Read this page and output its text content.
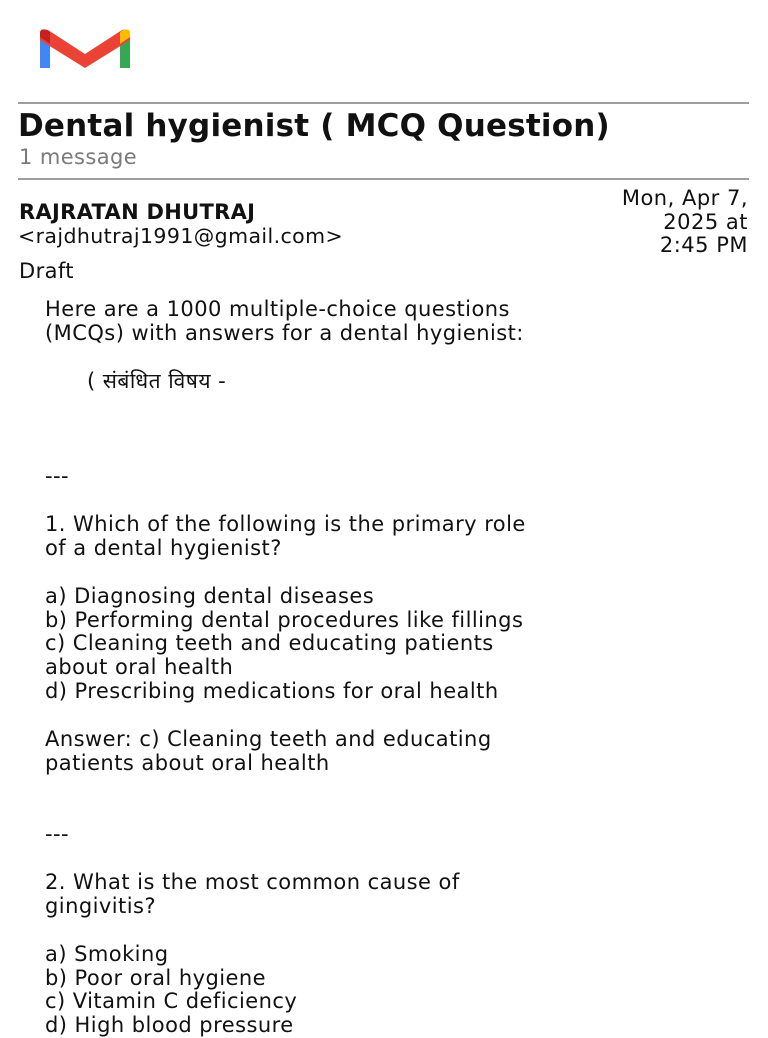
Dental hygienist ( MCQ Question)
1 message
RAJRATAN DHUTRAJ
<rajdhutraj1991@gmail.com>
Mon, Apr 7,
2025 at
2:45 PM
Draft

Here are a 1000 multiple-choice questions
(MCQs) with answers for a dental hygienist:

( संबंधित विषय -

---

1. Which of the following is the primary role
of a dental hygienist?

a) Diagnosing dental diseases

b) Performing dental procedures like fillings

c) Cleaning teeth and educating patients
about oral health

d) Prescribing medications for oral health

Answer: c) Cleaning teeth and educating
patients about oral health

---

2. What is the most common cause of
gingivitis?

a) Smoking

b) Poor oral hygiene

c) Vitamin C deficiency

d) High blood pressure
